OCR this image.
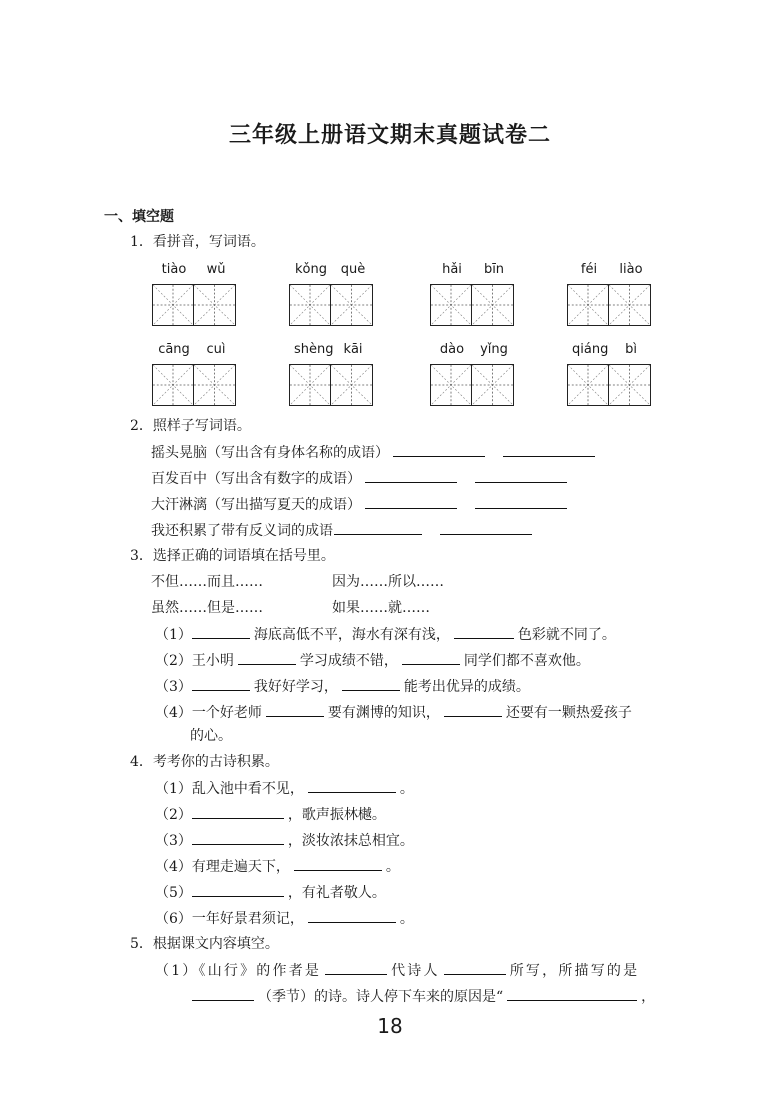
三年级上册语文期末真题试卷二
一、填空题
1．看拼音，写词语。
tiào	wǔ	kǒng	què	hǎi	bīn	féi	liào
cāng	cuì	shèng kāi	dào	yǐng	qiáng	bì
2．照样子写词语。
摇头晃脑（写出含有身体名称的成语）
百发百中（写出含有数字的成语）
大汗淋漓（写出描写夏天的成语）
我还积累了带有反义词的成语
3．选择正确的词语填在括号里。
不但……而且……	因为……所以……
虽然……但是……	如果……就……
（1）	海底高低不平，海水有深有浅，	色彩就不同了。
（2）王小明	学习成绩不错，	同学们都不喜欢他。
（3）	我好好学习，	能考出优异的成绩。
（4）一个好老师	要有渊博的知识，	还要有一颗热爱孩子
的心。
4．考考你的古诗积累。
（1）乱入池中看不见，	。
（2）	，歌声振林樾。
（3）	，淡妆浓抹总相宜。
（4）有理走遍天下，	。
（5）	，有礼者敬人。
（6）一年好景君须记，	。
5．根据课文内容填空。
（1）《山行》的作者是	代诗人	所写，所描写的是
（季节）的诗。诗人停下车来的原因是“	，
18
